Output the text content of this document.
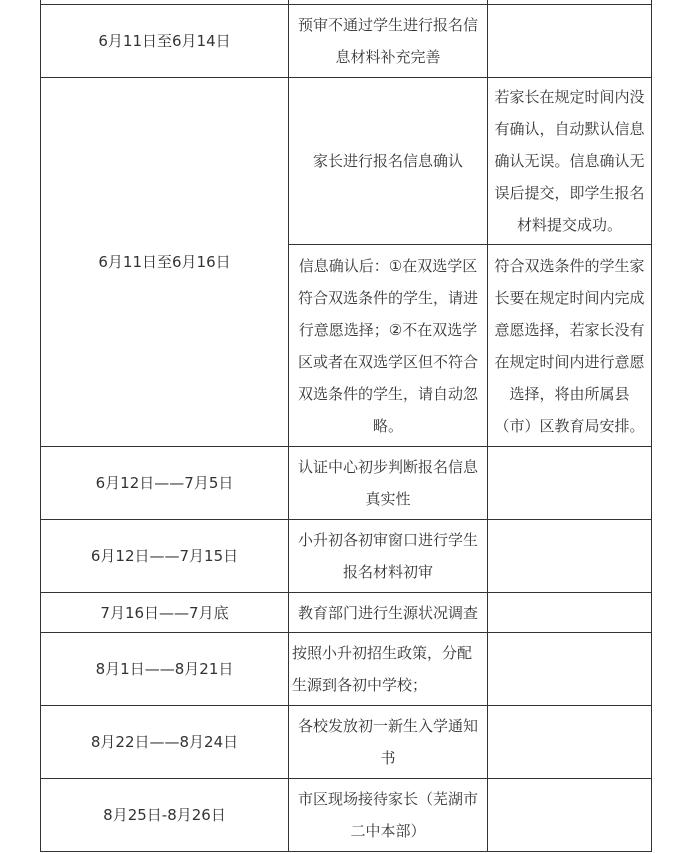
6月11日至6月14日	预审不通过学生进行报名信息材料补充完善	
6月11日至6月16日	家长进行报名信息确认	若家长在规定时间内没有确认，自动默认信息确认无误。信息确认无误后提交，即学生报名材料提交成功。
	信息确认后：①在双选学区符合双选条件的学生，请进行意愿选择；②不在双选学区或者在双选学区但不符合双选条件的学生，请自动忽略。	符合双选条件的学生家长要在规定时间内完成意愿选择，若家长没有在规定时间内进行意愿选择，将由所属县（市）区教育局安排。
6月12日——7月5日	认证中心初步判断报名信息真实性	
6月12日——7月15日	小升初各初审窗口进行学生报名材料初审	
7月16日——7月底	教育部门进行生源状况调查	
8月1日——8月21日	按照小升初招生政策，分配生源到各初中学校；	
8月22日——8月24日	各校发放初一新生入学通知书	
8月25日-8月26日	市区现场接待家长（芜湖市二中本部）	
